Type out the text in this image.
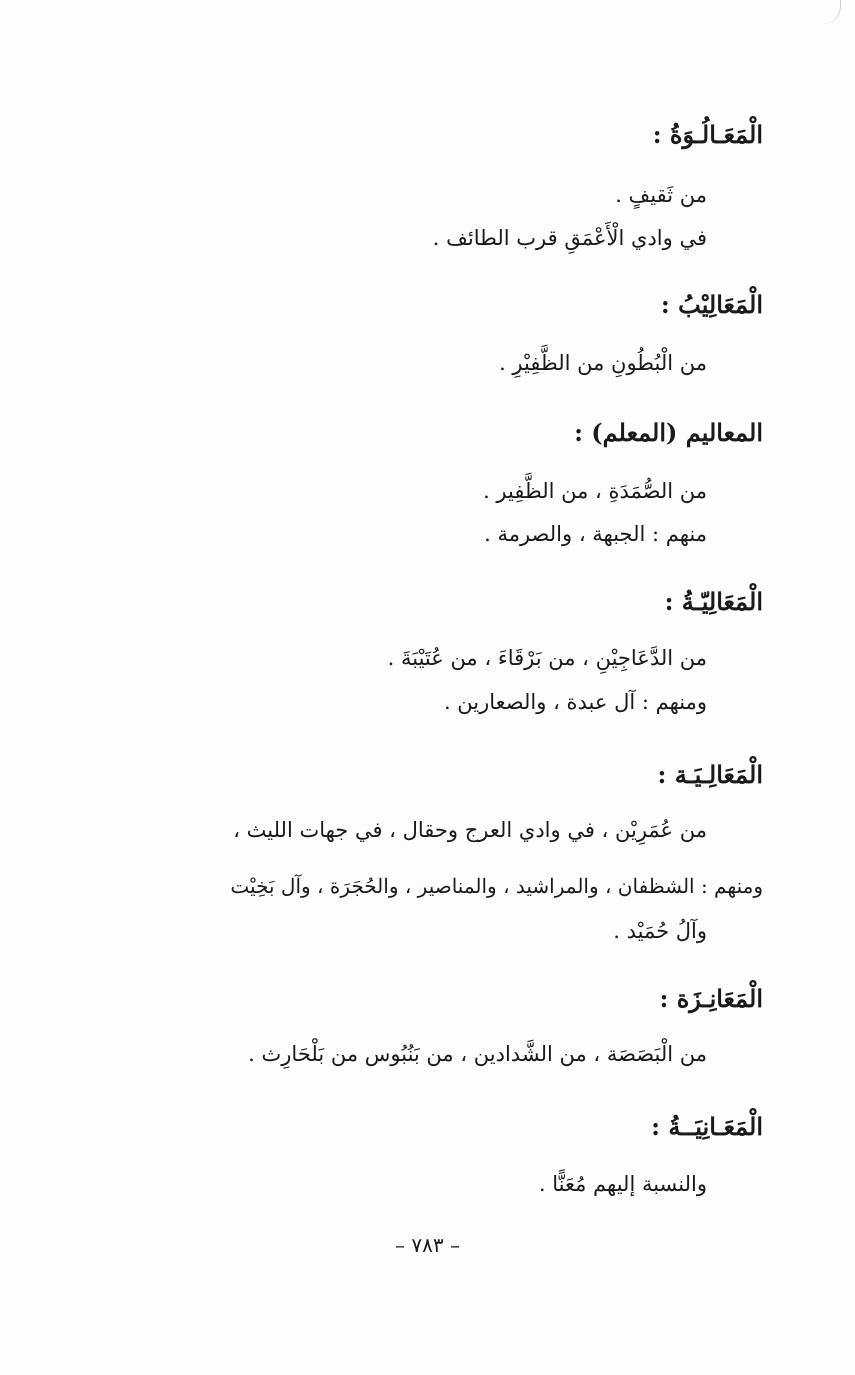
الْمَعَـالُـوَةُ :
من ثَقيفٍ .
في وادي الْأَعْمَقِ قرب الطائف .
الْمَعَالِيْبُ :
من الْبُطُونِ من الظَّفِيْرِ .
المعاليم (المعلم) :
من الصُّمَدَةِ ، من الظَّفِير .
منهم : الجبهة ، والصرمة .
الْمَعَالِيّـةُ :
من الدَّعَاجِيْنِ ، من بَرْقَاءَ ، من عُتَيْبَةَ .
ومنهم : آل عبدة ، والصعارين .
الْمَعَالِـيَـة :
من عُمَرِيْن ، في وادي العرج وحقال ، في جهات الليث ،
ومنهم : الشظفان ، والمراشيد ، والمناصير ، والحُجَرَة ، وآل بَخِيْت
وآلُ حُمَيْد .
الْمَعَانِـزَة :
من الْبَصَصَة ، من الشَّدادين ، من بَنُبُوس من بَلْحَارِث .
الْمَعَـانِيَــةُ :
والنسبة إليهم مُعَنًّا .
– ٧٨٣ –
